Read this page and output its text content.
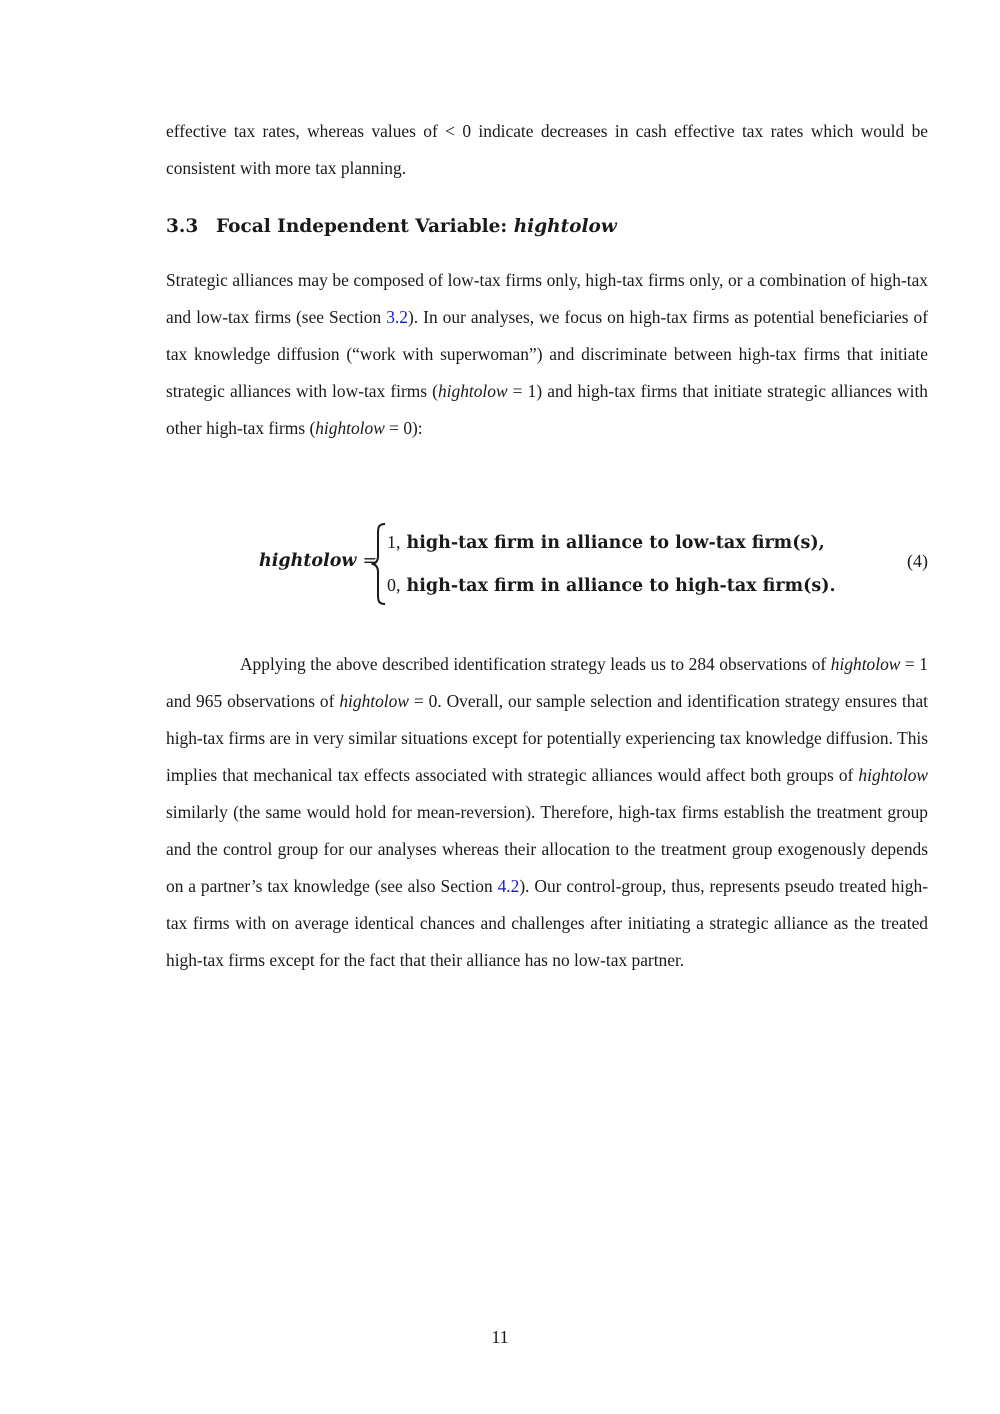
effective tax rates, whereas values of < 0 indicate decreases in cash effective tax rates which would be consistent with more tax planning.

3.3 Focal Independent Variable: hightolow

Strategic alliances may be composed of low-tax firms only, high-tax firms only, or a combination of high-tax and low-tax firms (see Section 3.2). In our analyses, we focus on high-tax firms as potential beneficiaries of tax knowledge diffusion (“work with superwoman”) and discriminate between high-tax firms that initiate strategic alliances with low-tax firms (hightolow = 1) and high-tax firms that initiate strategic alliances with other high-tax firms (hightolow = 0):

hightolow =
1, high-tax firm in alliance to low-tax firm(s),
0, high-tax firm in alliance to high-tax firm(s).
(4)

Applying the above described identification strategy leads us to 284 observations of hightolow = 1 and 965 observations of hightolow = 0. Overall, our sample selection and identification strategy ensures that high-tax firms are in very similar situations except for potentially experiencing tax knowledge diffusion. This implies that mechanical tax effects associated with strategic alliances would affect both groups of hightolow similarly (the same would hold for mean-reversion). Therefore, high-tax firms establish the treatment group and the control group for our analyses whereas their allocation to the treatment group exogenously depends on a partner’s tax knowledge (see also Section 4.2). Our control-group, thus, represents pseudo treated high-tax firms with on average identical chances and challenges after initiating a strategic alliance as the treated high-tax firms except for the fact that their alliance has no low-tax partner.

11
